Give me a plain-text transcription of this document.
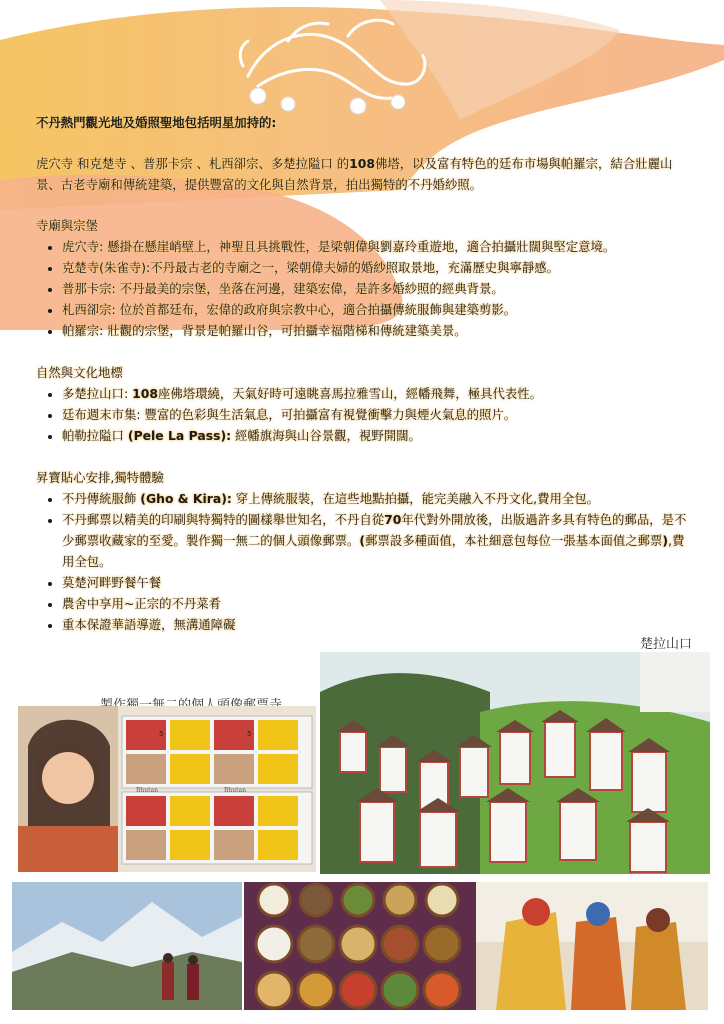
不丹熱門觀光地及婚照聖地包括明星加持的:

虎穴寺 和克楚寺 、普那卡宗 、札西卻宗、多楚拉隘口 的108佛塔，以及富有特色的廷布市場與帕羅宗，結合壯麗山景、古老寺廟和傳統建築，提供豐富的文化與自然背景，拍出獨特的不丹婚紗照。

寺廟與宗堡

• 虎穴寺: 懸掛在懸崖峭壁上，神聖且具挑戰性，是梁朝偉與劉嘉玲重遊地，適合拍攝壯闊與堅定意境。
• 克楚寺(朱雀寺):不丹最古老的寺廟之一，梁朝偉夫婦的婚紗照取景地，充滿歷史與寧靜感。
• 普那卡宗: 不丹最美的宗堡，坐落在河邊，建築宏偉，是許多婚紗照的經典背景。
• 札西卻宗: 位於首都廷布，宏偉的政府與宗教中心，適合拍攝傳統服飾與建築剪影。
• 帕羅宗: 壯觀的宗堡，背景是帕羅山谷，可拍攝幸福階梯和傳統建築美景。

自然與文化地標

• 多楚拉山口: 108座佛塔環繞，天氣好時可遠眺喜馬拉雅雪山，經幡飛舞，極具代表性。
• 廷布週末市集: 豐富的色彩與生活氣息，可拍攝富有視覺衝擊力與煙火氣息的照片。
• 帕勒拉隘口 (Pele La Pass): 經幡旗海與山谷景觀，視野開闊。

昇寶貼心安排,獨特體驗

• 不丹傳統服飾 (Gho & Kira): 穿上傳統服裝，在這些地點拍攝，能完美融入不丹文化,費用全包。
• 不丹郵票以精美的印刷與特獨特的圖樣舉世知名，不丹自從70年代對外開放後，出版過許多具有特色的郵品，是不少郵票收藏家的至愛。製作獨一無二的個人頭像郵票。(郵票設多種面值，本社細意包每位一張基本面值之郵票),費用全包。
• 莫楚河畔野餐午餐
• 農舍中享用~正宗的不丹菜肴
• 重本保證華語導遊，無溝通障礙
楚拉山口
Bhutan	Bhutan
5	5
